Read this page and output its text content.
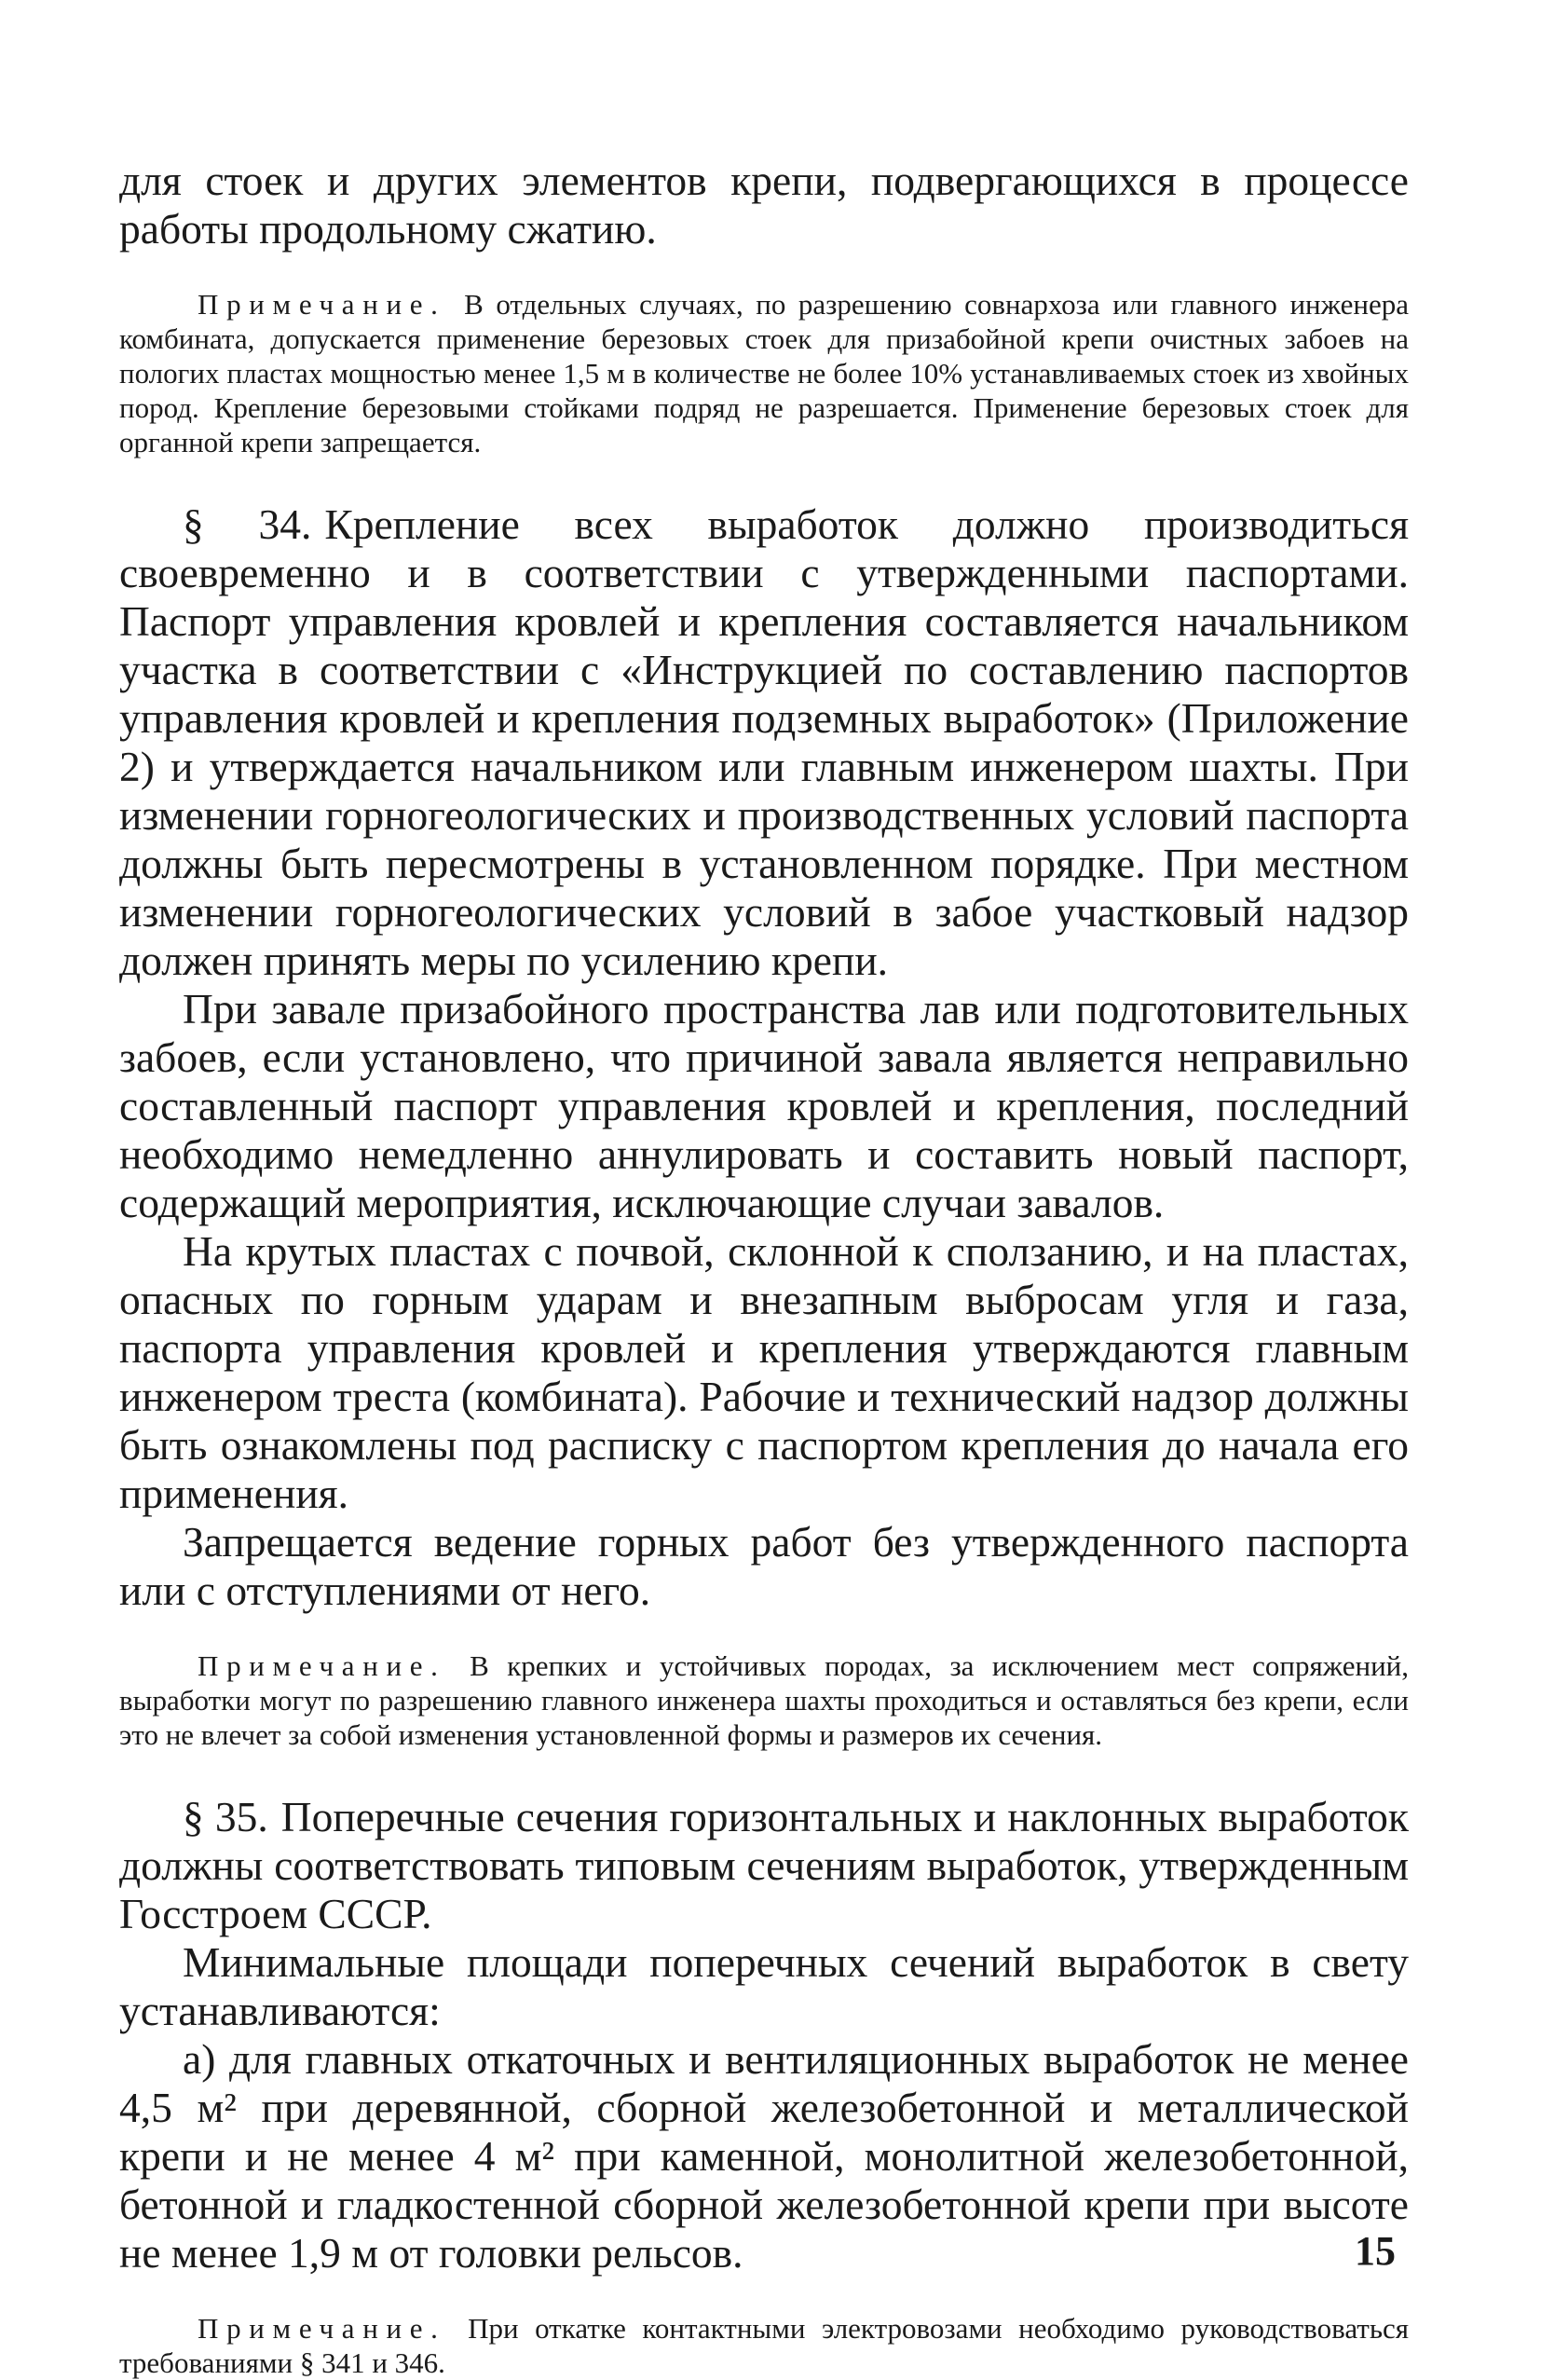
для стоек и других элементов крепи, подвергающихся в процессе работы продольному сжатию.

Примечание. В отдельных случаях, по разрешению совнархоза или главного инженера комбината, допускается применение березовых стоек для призабойной крепи очистных забоев на пологих пластах мощностью менее 1,5 м в количестве не более 10% устанавливаемых стоек из хвойных пород. Крепление березовыми стойками подряд не разрешается. Применение березовых стоек для органной крепи запрещается.

§ 34. Крепление всех выработок должно производиться своевременно и в соответствии с утвержденными паспортами. Паспорт управления кровлей и крепления составляется начальником участка в соответствии с «Инструкцией по составлению паспортов управления кровлей и крепления подземных выработок» (Приложение 2) и утверждается начальником или главным инженером шахты. При изменении горногеологических и производственных условий паспорта должны быть пересмотрены в установленном порядке. При местном изменении горногеологических условий в забое участковый надзор должен принять меры по усилению крепи.

При завале призабойного пространства лав или подготовительных забоев, если установлено, что причиной завала является неправильно составленный паспорт управления кровлей и крепления, последний необходимо немедленно аннулировать и составить новый паспорт, содержащий мероприятия, исключающие случаи завалов.

На крутых пластах с почвой, склонной к сползанию, и на пластах, опасных по горным ударам и внезапным выбросам угля и газа, паспорта управления кровлей и крепления утверждаются главным инженером треста (комбината). Рабочие и технический надзор должны быть ознакомлены под расписку с паспортом крепления до начала его применения.

Запрещается ведение горных работ без утвержденного паспорта или с отступлениями от него.

Примечание. В крепких и устойчивых породах, за исключением мест сопряжений, выработки могут по разрешению главного инженера шахты проходиться и оставляться без крепи, если это не влечет за собой изменения установленной формы и размеров их сечения.

§ 35. Поперечные сечения горизонтальных и наклонных выработок должны соответствовать типовым сечениям выработок, утвержденным Госстроем СССР.

Минимальные площади поперечных сечений выработок в свету устанавливаются:

а) для главных откаточных и вентиляционных выработок не менее 4,5 м² при деревянной, сборной железобетонной и металлической крепи и не менее 4 м² при каменной, монолитной железобетонной, бетонной и гладкостенной сборной железобетонной крепи при высоте не менее 1,9 м от головки рельсов.

Примечание. При откатке контактными электровозами необходимо руководствоваться требованиями § 341 и 346.

15
